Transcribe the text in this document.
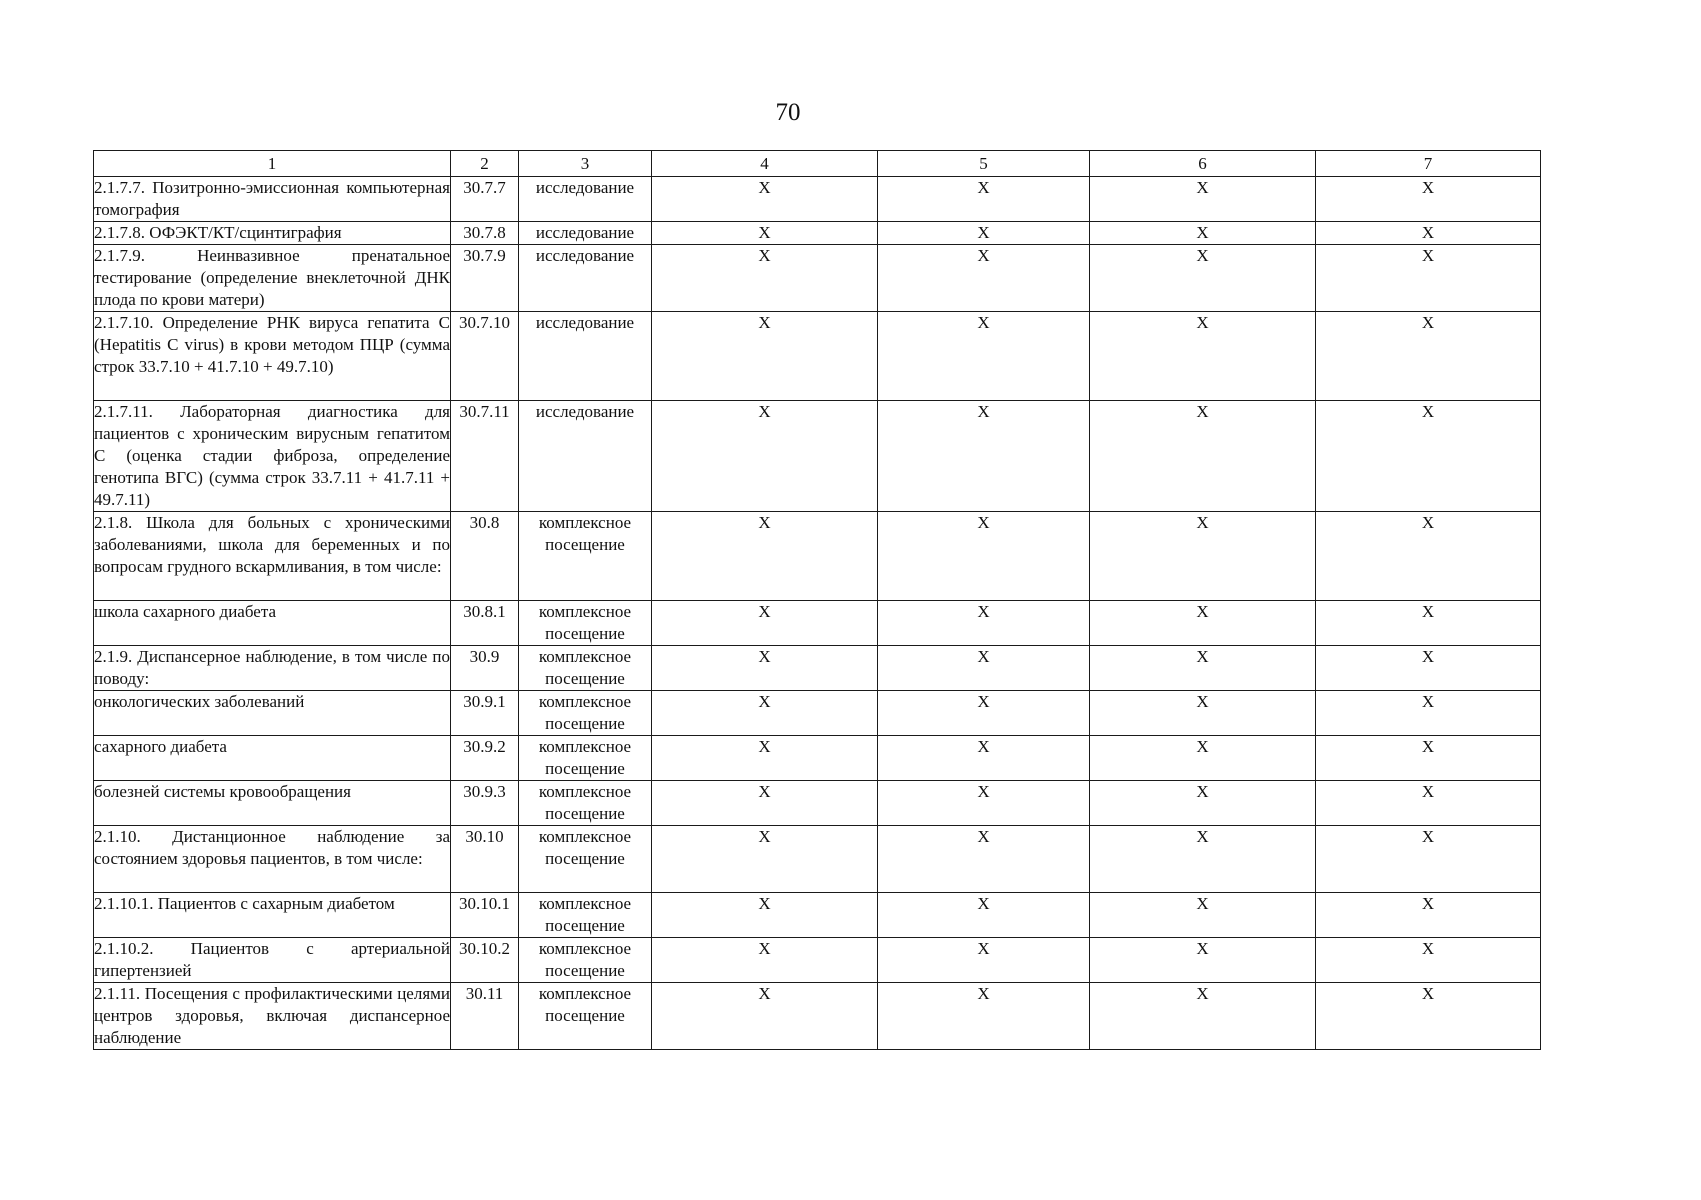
70
1	2	3	4	5	6	7
2.1.7.7. Позитронно-эмиссионная компьютерная томография	30.7.7	исследование	Х	Х	Х	Х
2.1.7.8. ОФЭКТ/КТ/сцинтиграфия	30.7.8	исследование	Х	Х	Х	Х
2.1.7.9. Неинвазивное пренатальное тестирование (определение внеклеточной ДНК плода по крови матери)	30.7.9	исследование	Х	Х	Х	Х
2.1.7.10. Определение РНК вируса гепатита С (Hepatitis C virus) в крови методом ПЦР (сумма строк 33.7.10 + 41.7.10 + 49.7.10)	30.7.10	исследование	Х	Х	Х	Х
2.1.7.11. Лабораторная диагностика для пациентов с хроническим вирусным гепатитом С (оценка стадии фиброза, определение генотипа ВГС) (сумма строк 33.7.11 + 41.7.11 + 49.7.11)	30.7.11	исследование	Х	Х	Х	Х
2.1.8. Школа для больных с хроническими заболеваниями, школа для беременных и по вопросам грудного вскармливания, в том числе:	30.8	комплексное посещение	Х	Х	Х	Х
школа сахарного диабета	30.8.1	комплексное посещение	Х	Х	Х	Х
2.1.9. Диспансерное наблюдение, в том числе по поводу:	30.9	комплексное посещение	Х	Х	Х	Х
онкологических заболеваний	30.9.1	комплексное посещение	Х	Х	Х	Х
сахарного диабета	30.9.2	комплексное посещение	Х	Х	Х	Х
болезней системы кровообращения	30.9.3	комплексное посещение	Х	Х	Х	Х
2.1.10. Дистанционное наблюдение за состоянием здоровья пациентов, в том числе:	30.10	комплексное посещение	Х	Х	Х	Х
2.1.10.1. Пациентов с сахарным диабетом	30.10.1	комплексное посещение	Х	Х	Х	Х
2.1.10.2. Пациентов с артериальной гипертензией	30.10.2	комплексное посещение	Х	Х	Х	Х
2.1.11. Посещения с профилактическими целями центров здоровья, включая диспансерное наблюдение	30.11	комплексное посещение	Х	Х	Х	Х
